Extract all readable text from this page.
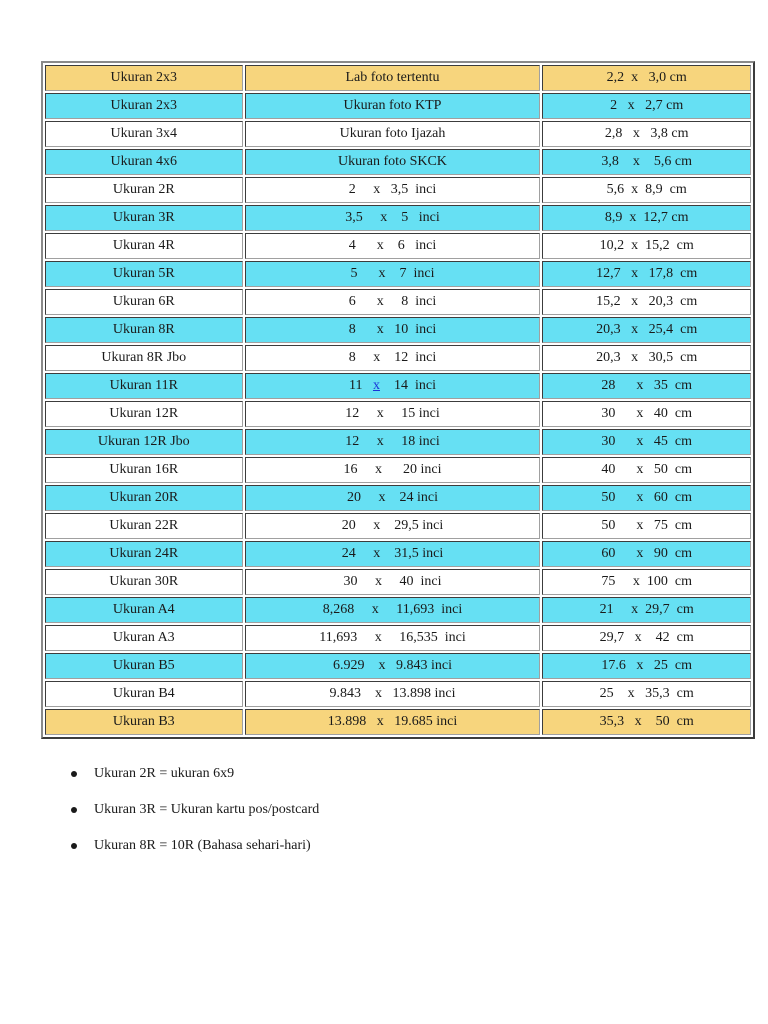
Ukuran 2x3	Lab foto tertentu	2,2  x   3,0 cm
Ukuran 2x3	Ukuran foto KTP	2   x   2,7 cm
Ukuran 3x4	Ukuran foto Ijazah	2,8   x   3,8 cm
Ukuran 4x6	Ukuran foto SKCK	3,8    x    5,6 cm
Ukuran 2R	2     x   3,5  inci	5,6  x  8,9  cm
Ukuran 3R	3,5     x    5   inci	8,9  x  12,7 cm
Ukuran 4R	4      x    6   inci	10,2  x  15,2  cm
Ukuran 5R	5      x    7  inci	12,7   x   17,8  cm
Ukuran 6R	6      x     8  inci	15,2   x   20,3  cm
Ukuran 8R	8      x   10  inci	20,3   x   25,4  cm
Ukuran 8R Jbo	8     x    12  inci	20,3   x   30,5  cm
Ukuran 11R	11   x    14  inci	28      x   35  cm
Ukuran 12R	12     x     15 inci	30      x   40  cm
Ukuran 12R Jbo	12     x     18 inci	30      x   45  cm
Ukuran 16R	16     x      20 inci	40      x   50  cm
Ukuran 20R	20     x    24 inci	50      x   60  cm
Ukuran 22R	20     x    29,5 inci	50      x   75  cm
Ukuran 24R	24     x    31,5 inci	60      x   90  cm
Ukuran 30R	30     x     40  inci	75     x  100  cm
Ukuran A4	8,268     x     11,693  inci	21     x  29,7  cm
Ukuran A3	11,693     x     16,535  inci	29,7   x    42  cm
Ukuran B5	6.929    x   9.843 inci	17.6   x   25  cm
Ukuran B4	9.843    x   13.898 inci	25    x   35,3  cm
Ukuran B3	13.898   x   19.685 inci	35,3   x    50  cm
Ukuran 2R = ukuran 6x9
Ukuran 3R = Ukuran kartu pos/postcard
Ukuran 8R = 10R (Bahasa sehari-hari)
